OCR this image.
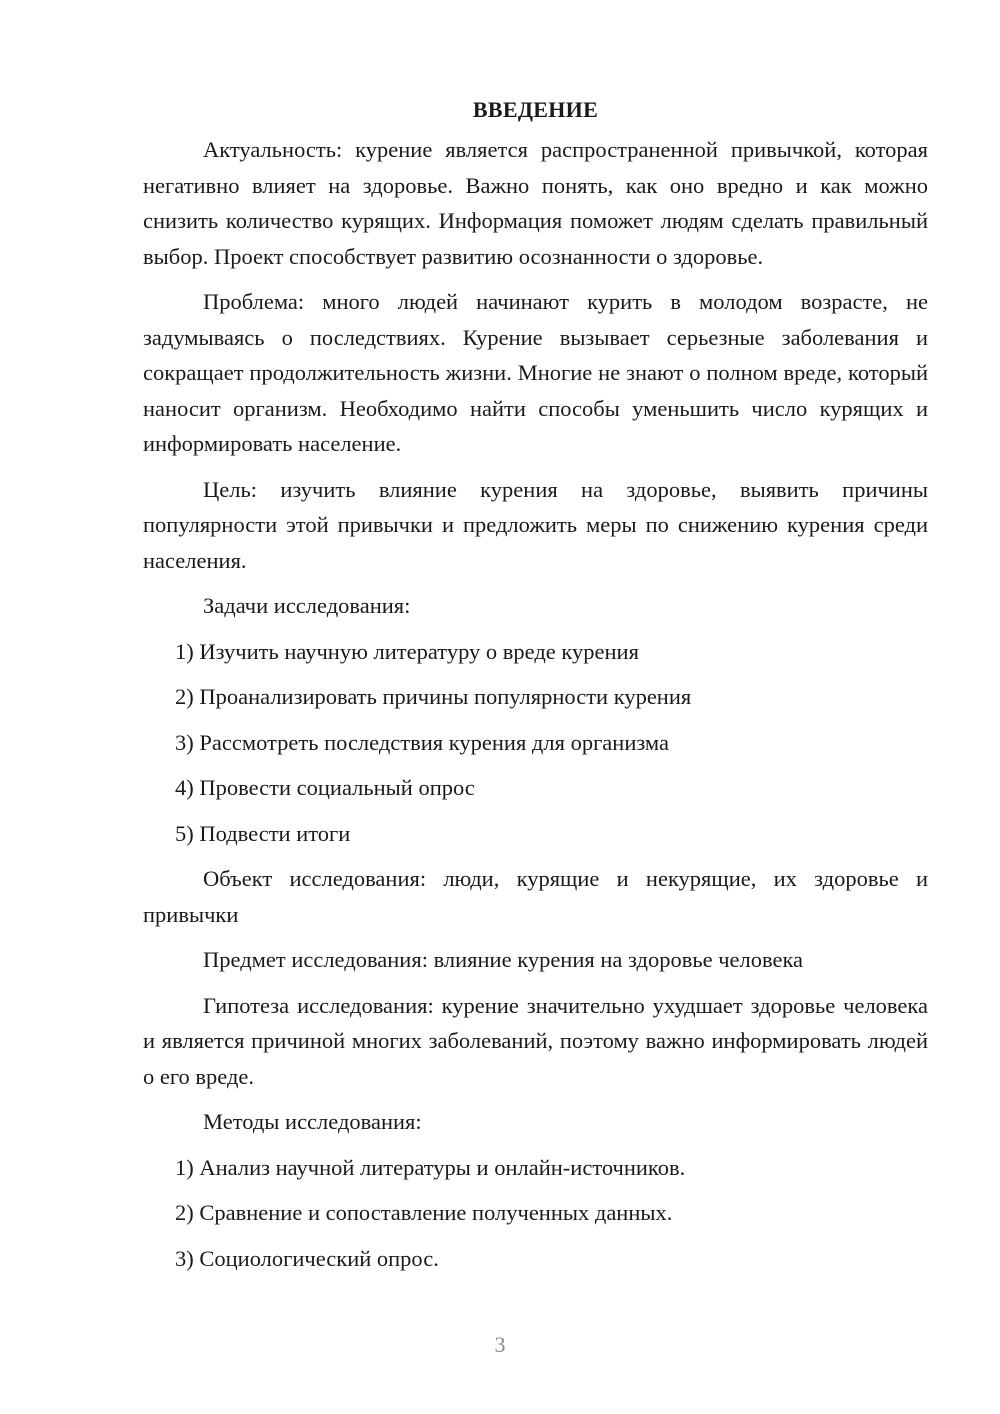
ВВЕДЕНИЕ

Актуальность: курение является распространенной привычкой, которая негативно влияет на здоровье. Важно понять, как оно вредно и как можно снизить количество курящих. Информация поможет людям сделать правильный выбор. Проект способствует развитию осознанности о здоровье.

Проблема: много людей начинают курить в молодом возрасте, не задумываясь о последствиях. Курение вызывает серьезные заболевания и сокращает продолжительность жизни. Многие не знают о полном вреде, который наносит организм. Необходимо найти способы уменьшить число курящих и информировать население.

Цель: изучить влияние курения на здоровье, выявить причины популярности этой привычки и предложить меры по снижению курения среди населения.

Задачи исследования:

1) Изучить научную литературу о вреде курения
2) Проанализировать причины популярности курения
3) Рассмотреть последствия курения для организма
4) Провести социальный опрос
5) Подвести итоги

Объект исследования: люди, курящие и некурящие, их здоровье и привычки

Предмет исследования: влияние курения на здоровье человека

Гипотеза исследования: курение значительно ухудшает здоровье человека и является причиной многих заболеваний, поэтому важно информировать людей о его вреде.

Методы исследования:

1) Анализ научной литературы и онлайн-источников.
2) Сравнение и сопоставление полученных данных.
3) Социологический опрос.
3
